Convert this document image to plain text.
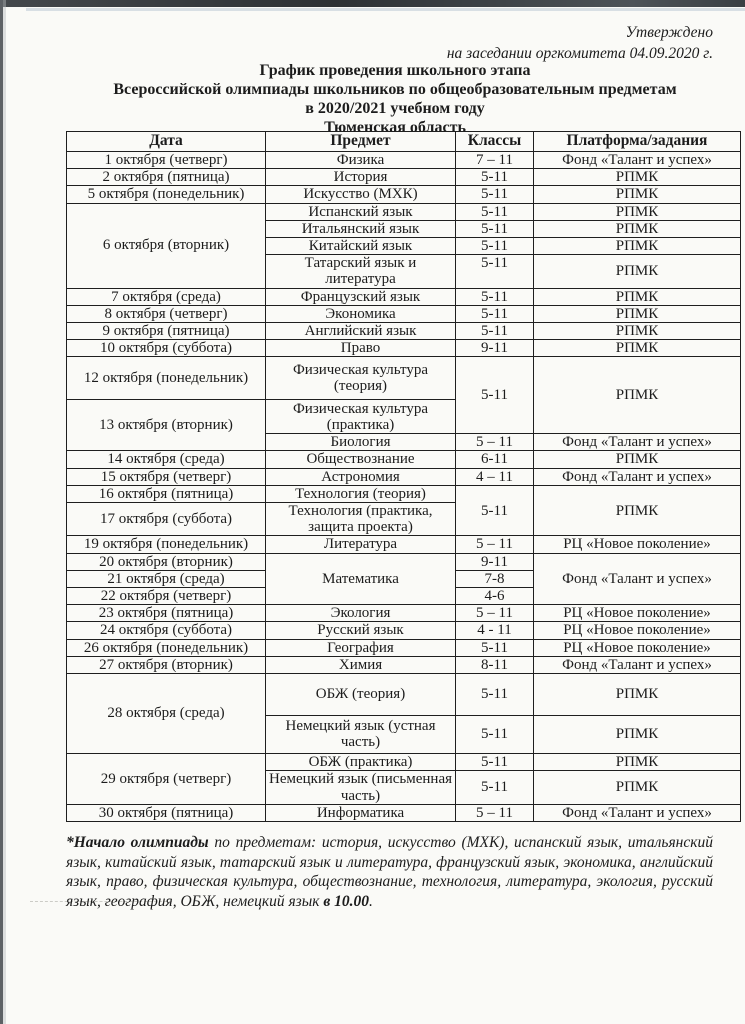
Утверждено
на заседании оргкомитета 04.09.2020 г.
График проведения школьного этапа
Всероссийской олимпиады школьников по общеобразовательным предметам
в 2020/2021 учебном году
Тюменская область
Дата	Предмет	Классы	Платформа/задания
1 октября (четверг)	Физика	7 – 11	Фонд «Талант и успех»
2 октября (пятница)	История	5-11	РПМК
5 октября (понедельник)	Искусство (МХК)	5-11	РПМК
6 октября (вторник)	Испанский язык	5-11	РПМК
	Итальянский язык	5-11	РПМК
	Китайский язык	5-11	РПМК
	Татарский язык и литература	5-11	РПМК
7 октября (среда)	Французский язык	5-11	РПМК
8 октября (четверг)	Экономика	5-11	РПМК
9 октября (пятница)	Английский язык	5-11	РПМК
10 октября (суббота)	Право	9-11	РПМК
12 октября (понедельник)	Физическая культура (теория)	5-11	РПМК
13 октября (вторник)	Физическая культура (практика)		
	Биология	5 – 11	Фонд «Талант и успех»
14 октября (среда)	Обществознание	6-11	РПМК
15 октября (четверг)	Астрономия	4 – 11	Фонд «Талант и успех»
16 октября (пятница)	Технология (теория)	5-11	РПМК
17 октября (суббота)	Технология (практика, защита проекта)		
19 октября (понедельник)	Литература	5 – 11	РЦ «Новое поколение»
20 октября (вторник)	Математика	9-11	Фонд «Талант и успех»
21 октября (среда)		7-8	
22 октября (четверг)		4-6	
23 октября (пятница)	Экология	5 – 11	РЦ «Новое поколение»
24 октября (суббота)	Русский язык	4 - 11	РЦ «Новое поколение»
26 октября (понедельник)	География	5-11	РЦ «Новое поколение»
27 октября (вторник)	Химия	8-11	Фонд «Талант и успех»
28 октября (среда)	ОБЖ (теория)	5-11	РПМК
	Немецкий язык (устная часть)	5-11	РПМК
29 октября (четверг)	ОБЖ (практика)	5-11	РПМК
	Немецкий язык (письменная часть)	5-11	РПМК
30 октября (пятница)	Информатика	5 – 11	Фонд «Талант и успех»
*Начало олимпиады по предметам: история, искусство (МХК), испанский язык, итальянский язык, китайский язык, татарский язык и литература, французский язык, экономика, английский язык, право, физическая культура, обществознание, технология, литература, экология, русский язык, география, ОБЖ, немецкий язык в 10.00.
